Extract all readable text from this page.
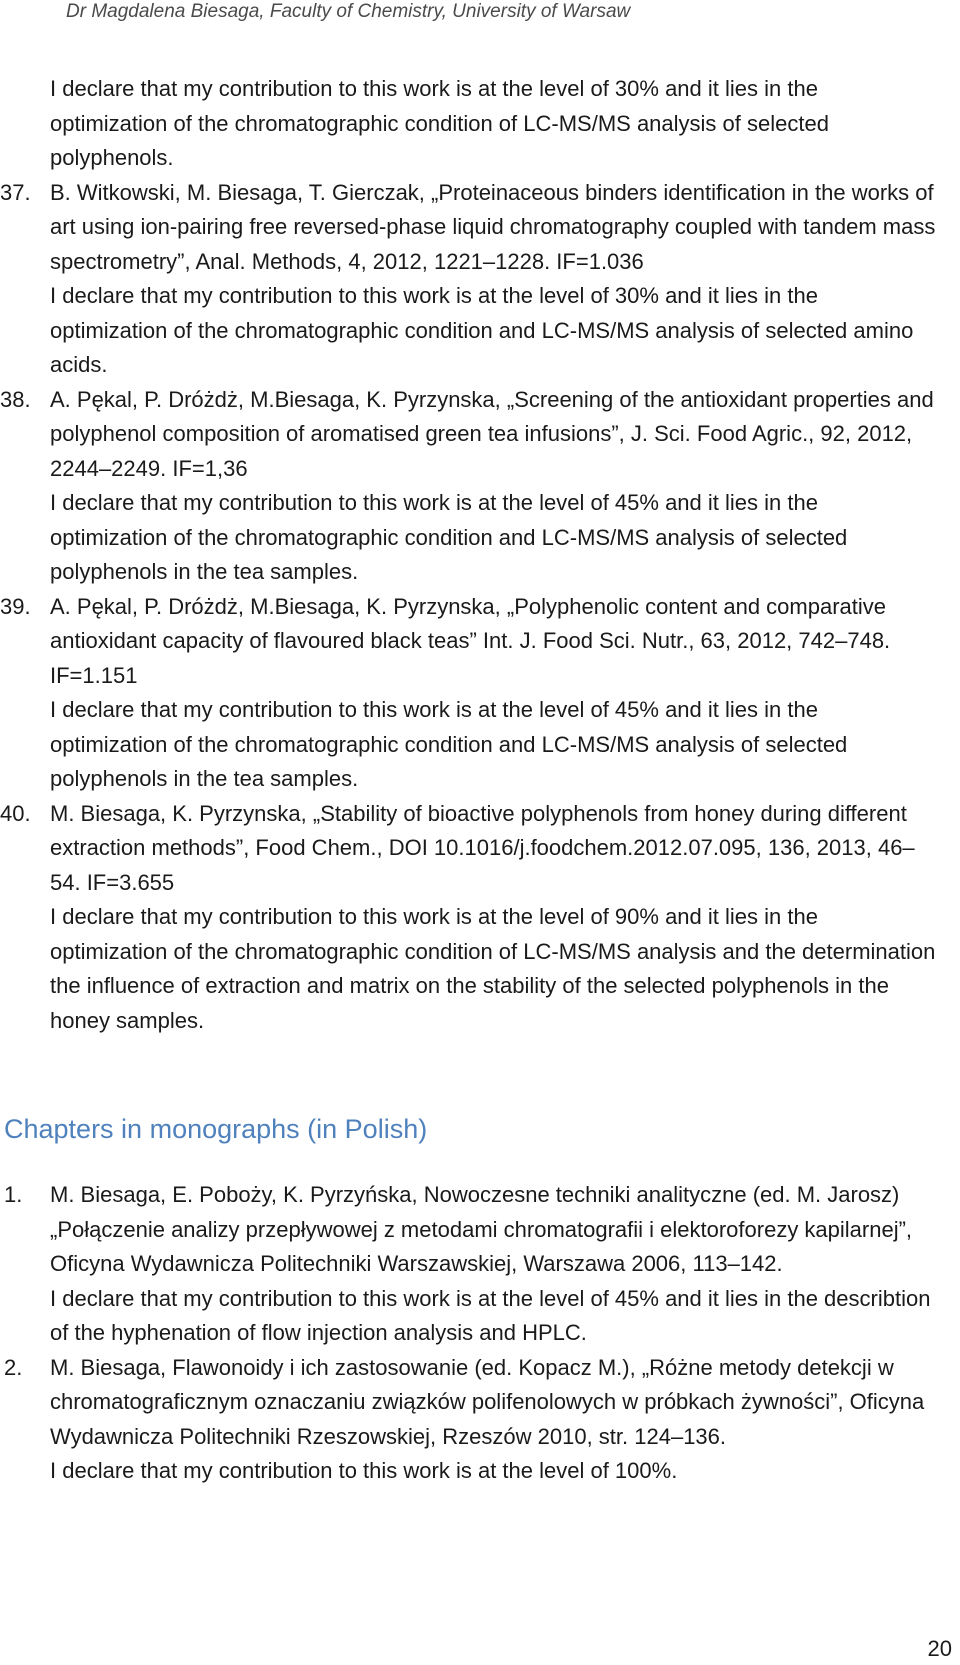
Dr Magdalena Biesaga, Faculty of Chemistry, University of Warsaw

I declare that my contribution to this work is at the level of 30% and it lies in the optimization of the chromatographic condition of LC-MS/MS analysis of selected polyphenols.

37. B. Witkowski, M. Biesaga, T. Gierczak, „Proteinaceous binders identification in the works of art using ion-pairing free reversed-phase liquid chromatography coupled with tandem mass spectrometry”, Anal. Methods, 4, 2012, 1221–1228. IF=1.036
I declare that my contribution to this work is at the level of 30% and it lies in the optimization of the chromatographic condition and LC-MS/MS analysis of selected amino acids.
38. A. Pękal, P. Dróżdż, M.Biesaga, K. Pyrzynska, „Screening of the antioxidant properties and polyphenol composition of aromatised green tea infusions”, J. Sci. Food Agric., 92, 2012, 2244–2249. IF=1,36
I declare that my contribution to this work is at the level of 45% and it lies in the optimization of the chromatographic condition and LC-MS/MS analysis of selected polyphenols in the tea samples.
39. A. Pękal, P. Dróżdż, M.Biesaga, K. Pyrzynska, „Polyphenolic content and comparative antioxidant capacity of flavoured black teas” Int. J. Food Sci. Nutr., 63, 2012, 742–748. IF=1.151
I declare that my contribution to this work is at the level of 45% and it lies in the optimization of the chromatographic condition and LC-MS/MS analysis of selected polyphenols in the tea samples.
40. M. Biesaga, K. Pyrzynska, „Stability of bioactive polyphenols from honey during different extraction methods”, Food Chem., DOI 10.1016/j.foodchem.2012.07.095, 136, 2013, 46–54. IF=3.655
I declare that my contribution to this work is at the level of 90% and it lies in the optimization of the chromatographic condition of LC-MS/MS analysis and the determination the influence of extraction and matrix on the stability of the selected polyphenols in the honey samples.
Chapters in monographs (in Polish)
1.	M. Biesaga, E. Poboży, K. Pyrzyńska, Nowoczesne techniki analityczne (ed. M. Jarosz) „Połączenie analizy przepływowej z metodami chromatografii i elektoroforezy kapilarnej”, Oficyna Wydawnicza Politechniki Warszawskiej, Warszawa 2006, 113–142.
I declare that my contribution to this work is at the level of 45% and it lies in the describtion of the hyphenation of flow injection analysis and HPLC.
2.	M. Biesaga, Flawonoidy i ich zastosowanie (ed. Kopacz M.), „Różne metody detekcji w chromatograficznym oznaczaniu związków polifenolowych w próbkach żywności”, Oficyna Wydawnicza Politechniki Rzeszowskiej, Rzeszów 2010, str. 124–136.
I declare that my contribution to this work is at the level of 100%.
20
